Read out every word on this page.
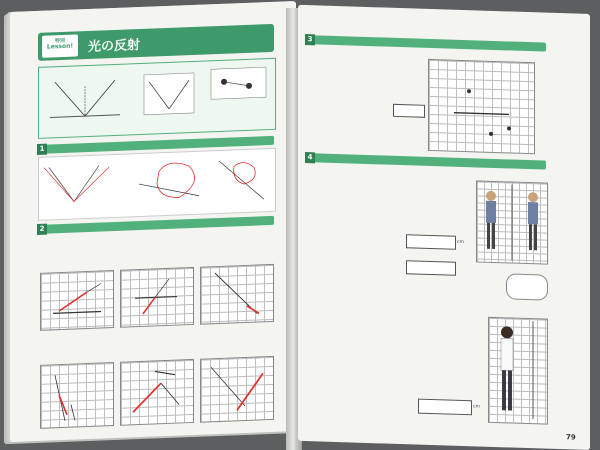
特別
Lesson!	光の反射
1
2
3
4
cm
cm
79
